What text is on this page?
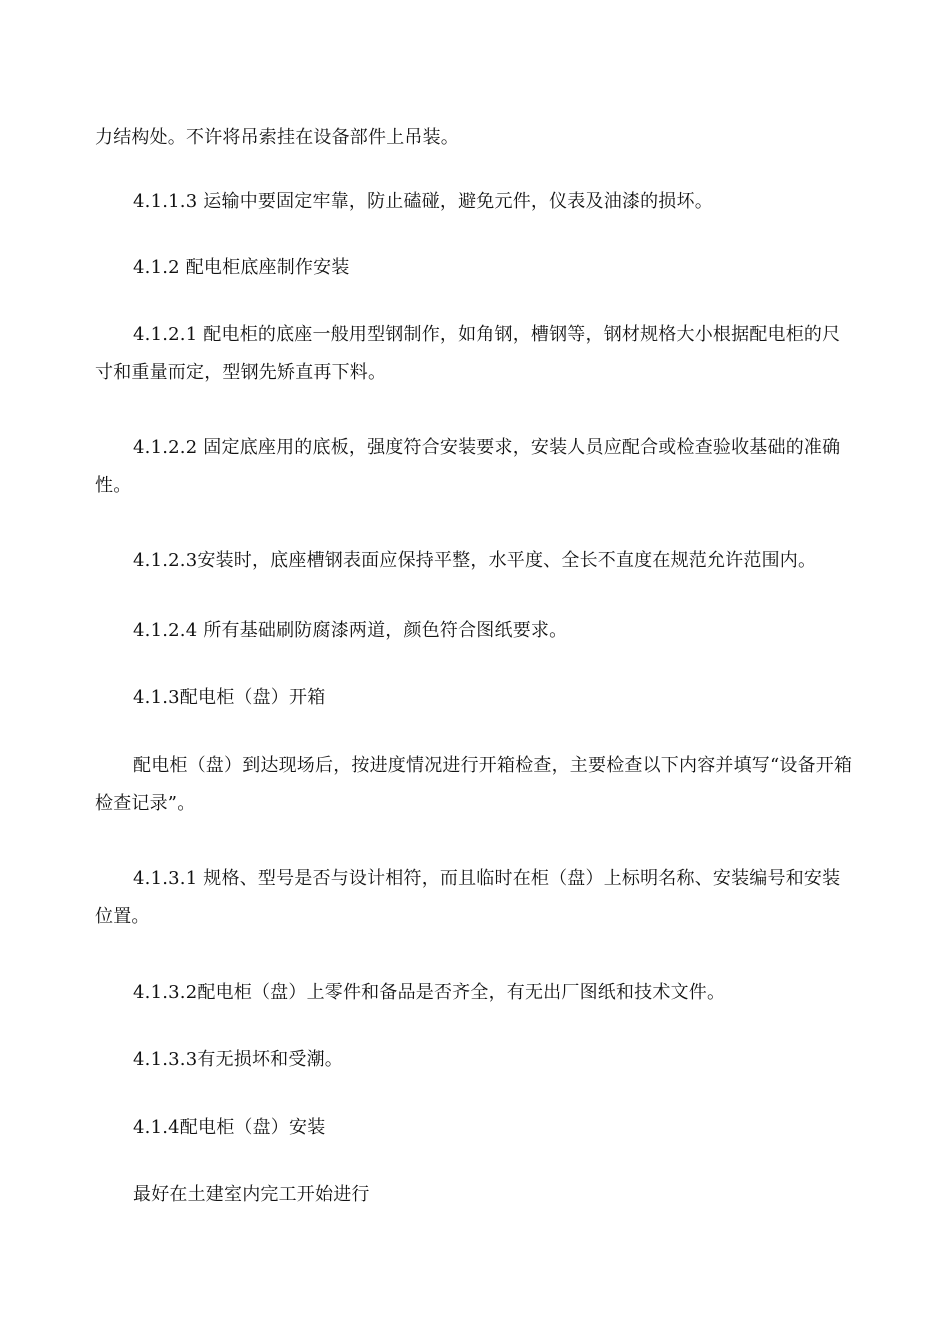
力结构处。不许将吊索挂在设备部件上吊装。

4.1.1.3 运输中要固定牢靠，防止磕碰，避免元件，仪表及油漆的损坏。

4.1.2 配电柜底座制作安装

4.1.2.1 配电柜的底座一般用型钢制作，如角钢，槽钢等，钢材规格大小根据配电柜的尺寸和重量而定，型钢先矫直再下料。

4.1.2.2 固定底座用的底板，强度符合安装要求，安装人员应配合或检查验收基础的准确性。

4.1.2.3安装时，底座槽钢表面应保持平整，水平度、全长不直度在规范允许范围内。

4.1.2.4 所有基础刷防腐漆两道，颜色符合图纸要求。

4.1.3配电柜（盘）开箱

配电柜（盘）到达现场后，按进度情况进行开箱检查，主要检查以下内容并填写“设备开箱检查记录”。

4.1.3.1 规格、型号是否与设计相符，而且临时在柜（盘）上标明名称、安装编号和安装位置。

4.1.3.2配电柜（盘）上零件和备品是否齐全，有无出厂图纸和技术文件。

4.1.3.3有无损坏和受潮。

4.1.4配电柜（盘）安装

最好在土建室内完工开始进行
